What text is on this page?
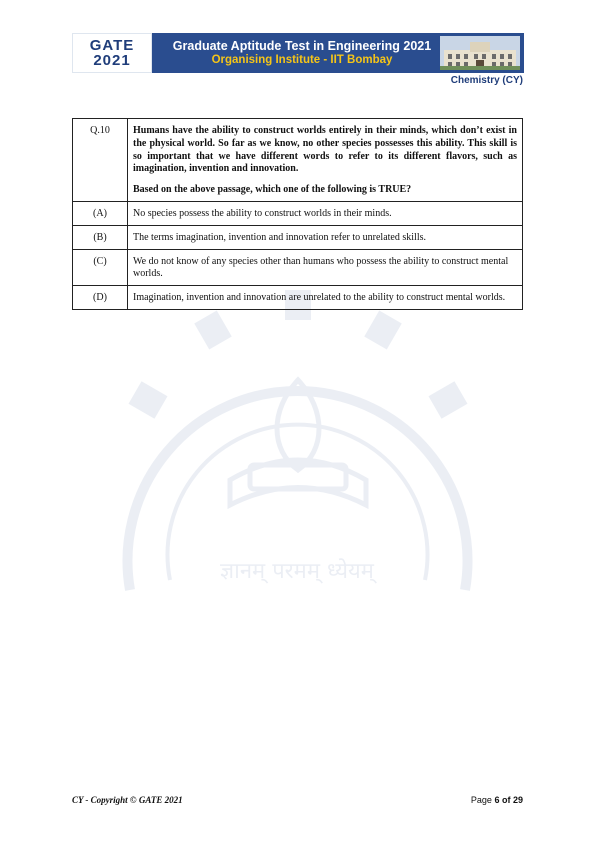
ज्ञानम् परमम् ध्येयम्
GATE
2021
Graduate Aptitude Test in Engineering 2021
Organising Institute - IIT Bombay
Chemistry (CY)
Q.10	Humans have the ability to construct worlds entirely in their minds, which don’t exist in the physical world. So far as we know, no other species possesses this ability. This skill is so important that we have different words to refer to its different flavors, such as imagination, invention and innovation.

Based on the above passage, which one of the following is TRUE?

(A)	No species possess the ability to construct worlds in their minds.
(B)	The terms imagination, invention and innovation refer to unrelated skills.
(C)	We do not know of any species other than humans who possess the ability to construct mental worlds.
(D)	Imagination, invention and innovation are unrelated to the ability to construct mental worlds.
CY - Copyright © GATE 2021	Page 6 of 29
